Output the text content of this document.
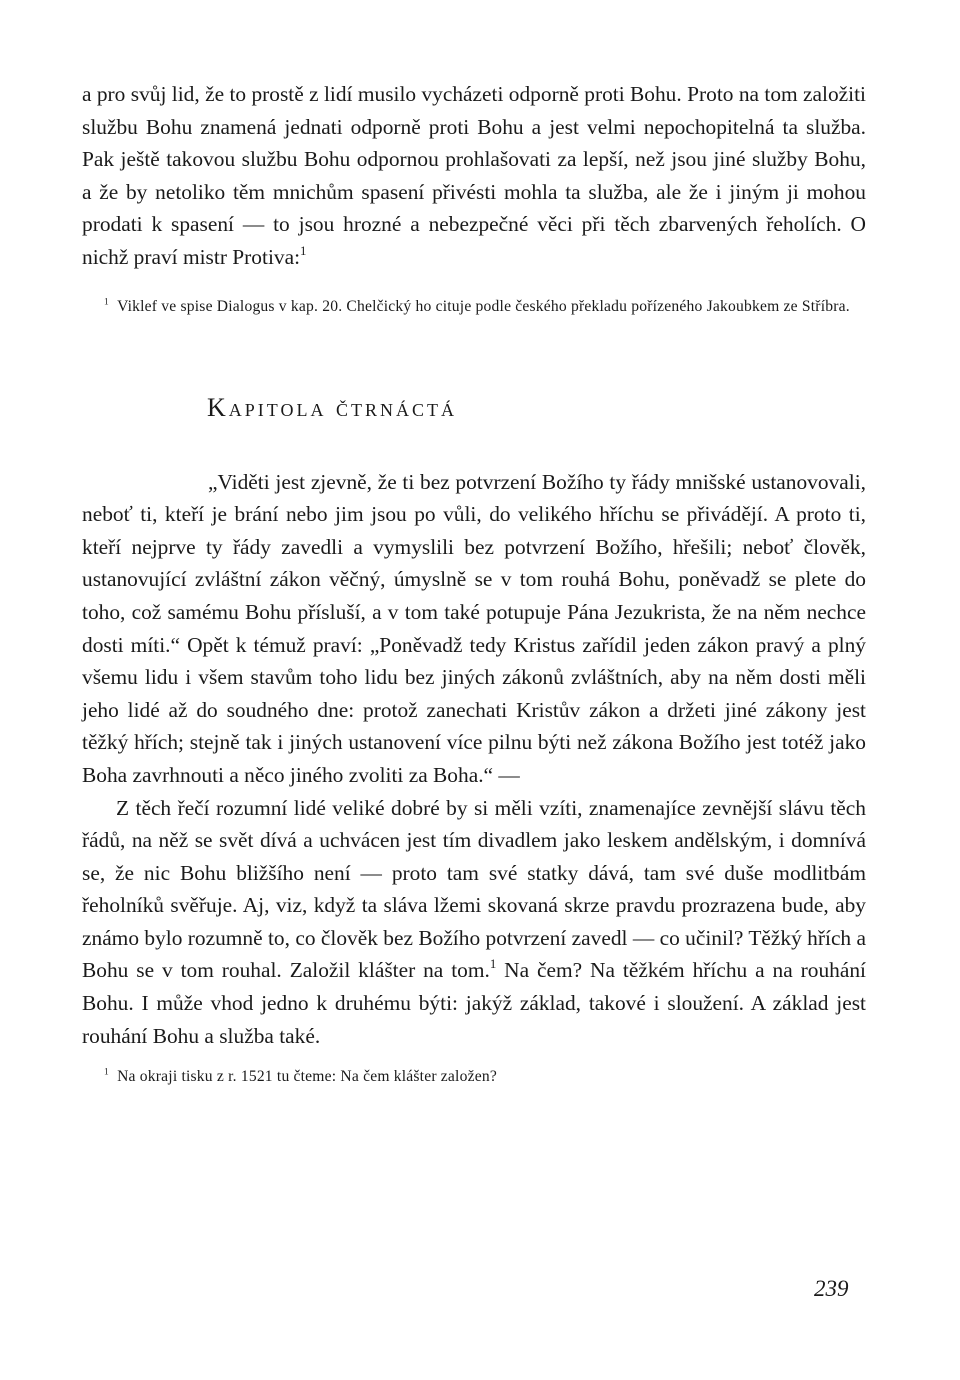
a pro svůj lid, že to prostě z lidí musilo vycházeti odporně proti Bohu. Proto na tom založiti službu Bohu znamená jednati odporně proti Bohu a jest velmi nepochopitelná ta služba. Pak ještě takovou službu Bohu odpornou prohlašovati za lepší, než jsou jiné služby Bohu, a že by netoliko těm mnichům spasení přivésti mohla ta služba, ale že i jiným ji mohou prodati k spasení — to jsou hrozné a nebezpečné věci při těch zbarvených řeholích. O nichž praví mistr Protiva:$^1$

$^1$ Viklef ve spise Dialogus v kap. 20. Chelčický ho cituje podle českého překladu pořízeného Jakoubkem ze Stříbra.

Kapitola čtrnáctá

„Viděti jest zjevně, že ti bez potvrzení Božího ty řády mnišské ustanovovali, neboť ti, kteří je brání nebo jim jsou po vůli, do velikého hříchu se přivádějí. A proto ti, kteří nejprve ty řády zavedli a vymyslili bez potvrzení Božího, hřešili; neboť člověk, ustanovující zvláštní zákon věčný, úmyslně se v tom rouhá Bohu, poněvadž se plete do toho, což samému Bohu přísluší, a v tom také potupuje Pána Jezukrista, že na něm nechce dosti míti.“ Opět k témuž praví: „Poněvadž tedy Kristus zařídil jeden zákon pravý a plný všemu lidu i všem stavům toho lidu bez jiných zákonů zvláštních, aby na něm dosti měli jeho lidé až do soudného dne: protož zanechati Kristův zákon a držeti jiné zákony jest těžký hřích; stejně tak i jiných ustanovení více pilnu býti než zákona Božího jest totéž jako Boha zavrhnouti a něco jiného zvoliti za Boha.“ —

Z těch řečí rozumní lidé veliké dobré by si měli vzíti, znamenajíce zevnější slávu těch řádů, na něž se svět dívá a uchvácen jest tím divadlem jako leskem andělským, i domnívá se, že nic Bohu bližšího není — proto tam své statky dává, tam své duše modlitbám řeholníků svěřuje. Aj, viz, když ta sláva lžemi skovaná skrze pravdu prozrazena bude, aby známo bylo rozumně to, co člověk bez Božího potvrzení zavedl — co učinil? Těžký hřích a Bohu se v tom rouhal. Založil klášter na tom.$^1$ Na čem? Na těžkém hříchu a na rouhání Bohu. I může vhod jedno k druhému býti: jakýž základ, takové i sloužení. A základ jest rouhání Bohu a služba také.

$^1$ Na okraji tisku z r. 1521 tu čteme: Na čem klášter založen?

239
